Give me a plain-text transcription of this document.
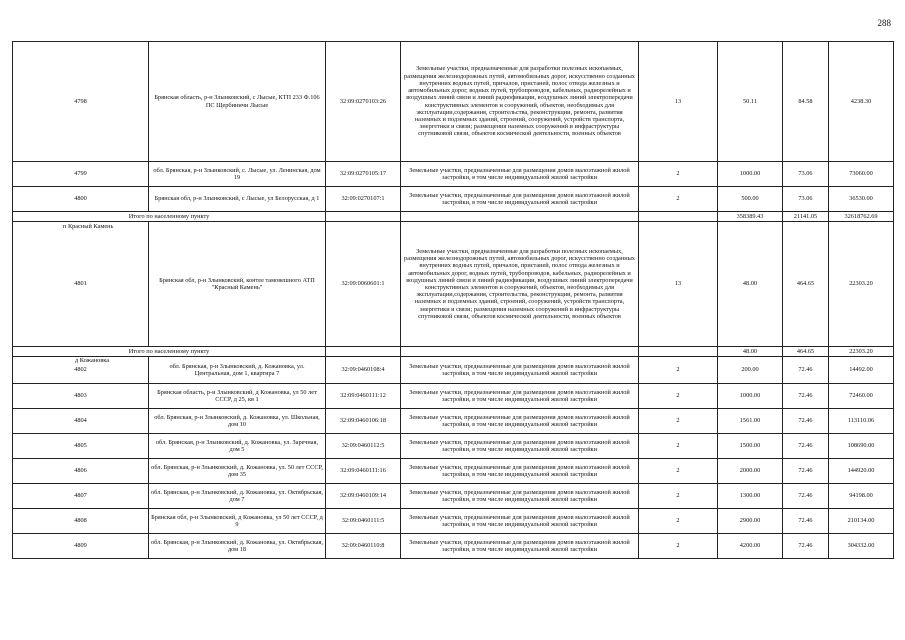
288
4798	Брянская область, р-н Злынковский, с Лысые, КТП 233 Ф.106 ПС Щербиничи Лысые	32:09:0270103:26	Земельные участки, предназначенные для разработки полезных ископаемых, размещения железнодорожных путей, автомобильных дорог, искусственно созданных внутренних водных путей, причалов, пристаней, полос отвода железных и автомобильных дорог, водных путей, трубопроводов, кабельных, радиорелейных и воздушных линий связи и линий радиофикации, воздушных линий электропередачи конструктивных элементов и сооружений, объектов, необходимых для эксплуатации,содержания, строительства, реконструкции, ремонта, развития наземных и подземных зданий, строений, сооружений, устройств транспорта, энергетики и связи; размещения наземных сооружений и инфраструктуры спутниковой связи, объектов космической деятельности, военных объектов	13	50.11	84.58	4238.30
4799	обл. Брянская, р-н Злынковский, с. Лысые, ул. Ленинская, дом 19	32:09:0270105:17	Земельные участки, предназначенные для размещения домов малоэтажной жилой застройки, в том числе индивидуальной жилой застройки	2	1000.00	73.06	73060.00
4800	Брянская обл, р-н Злынковский, с Лысые, ул Белорусская, д 1	32:09:0270107:1	Земельные участки, предназначенные для размещения домов малоэтажной жилой застройки, в том числе индивидуальной жилой застройки	2	500.00	73.06	36530.00
Итого по населенному пункту					358389.43	21141.05	32618762.69

п Красный Камень
4801	Брянская обл, р-н Злынковский, контее тамовешного АТП "Красный Камень"	32:09:0060601:1	Земельные участки, предназначенные для разработки полезных ископаемых, размещения железнодорожных путей, автомобильных дорог, искусственно созданных внутренних водных путей, причалов, пристаней, полос отвода железных и автомобильных дорог, водных путей, трубопроводов, кабельных, радиорелейных и воздушных линий связи и линий радиофикации, воздушных линий электропередачи конструктивных элементов и сооружений, объектов, необходимых для эксплуатации,содержания, строительства, реконструкции, ремонта, развития наземных и подземных зданий, строений, сооружений, устройств транспорта, энергетики и связи; размещения наземных сооружений и инфраструктуры спутниковой связи, объектов космической деятельности, военных объектов	13	48.00	464.65	22303.20
Итого по населенному пункту					48.00	464.65	22303.20

д Кожановка
4802	обл. Брянская, р-н Злынковский, д. Кожановка, ул. Центральная, дом 1, квартира 7	32:09:0460108:4	Земельные участки, предназначенные для размещения домов малоэтажной жилой застройки, в том числе индивидуальной жилой застройки	2	200.00	72.46	14492.00
4803	Брянская область, р-н Злынковский, д Кожановка, ул 50 лет СССР, д 25, кв 1	32:09:0460111:12	Земельные участки, предназначенные для размещения домов малоэтажной жилой застройки, в том числе индивидуальной жилой застройки	2	1000.00	72.46	72460.00
4804	обл. Брянская, р-н Злынковский, д. Кожановка, ул. Школьная, дом 10	32:09:0460106:18	Земельные участки, предназначенные для размещения домов малоэтажной жилой застройки, в том числе индивидуальной жилой застройки	2	1561.00	72.46	113110.06
4805	обл. Брянская, р-н Злынковский, д. Кожановка, ул. Заречная, дом 5	32:09:0460112:5	Земельные участки, предназначенные для размещения домов малоэтажной жилой застройки, в том числе индивидуальной жилой застройки	2	1500.00	72.46	108690.00
4806	обл. Брянская, р-н Злынковский, д. Кожановка, ул. 50 лет СССР, дом 35	32:09:0460111:16	Земельные участки, предназначенные для размещения домов малоэтажной жилой застройки, в том числе индивидуальной жилой застройки	2	2000.00	72.46	144920.00
4807	обл. Брянская, р-н Злынковский, д. Кожановка, ул. Октябрьская, дом 7	32:09:0460109:14	Земельные участки, предназначенные для размещения домов малоэтажной жилой застройки, в том числе индивидуальной жилой застройки	2	1300.00	72.46	94198.00
4808	Брянская обл, р-н Злынковский, д Кожановка, ул 50 лет СССР, д 9	32:09:0460111:5	Земельные участки, предназначенные для размещения домов малоэтажной жилой застройки, в том числе индивидуальной жилой застройки	2	2900.00	72.46	210134.00
4809	обл. Брянская, р-н Злынковский, д. Кожановка, ул. Октябрьская, дом 18	32:09:0460110:8	Земельные участки, предназначенные для размещения домов малоэтажной жилой застройки, в том числе индивидуальной жилой застройки	2	4200.00	72.46	304332.00
